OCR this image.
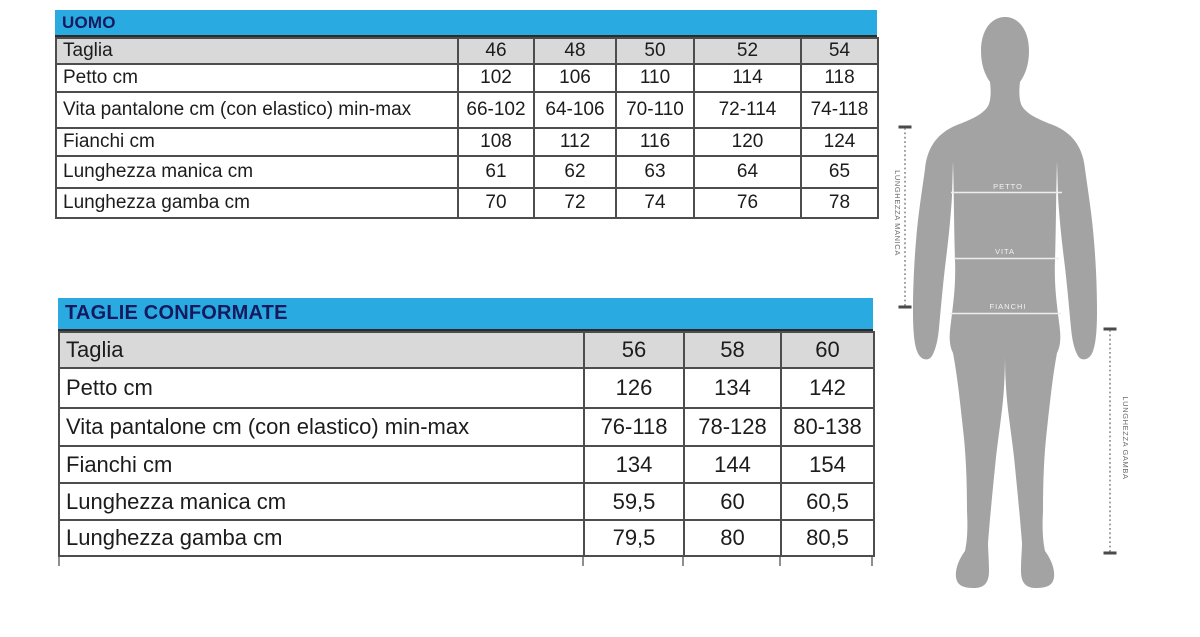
UOMO
Taglia	46	48	50	52	54
Petto cm	102	106	110	114	118
Vita pantalone cm (con elastico) min-max	66-102	64-106	70-110	72-114	74-118
Fianchi cm	108	112	116	120	124
Lunghezza manica cm	61	62	63	64	65
Lunghezza gamba cm	70	72	74	76	78
TAGLIE CONFORMATE
Taglia	56	58	60
Petto cm	126	134	142
Vita pantalone cm (con elastico) min-max	76-118	78-128	80-138
Fianchi cm	134	144	154
Lunghezza manica cm	59,5	60	60,5
Lunghezza gamba cm	79,5	80	80,5
PETTO
VITA
FIANCHI
LUNGHEZZA MANICA
LUNGHEZZA GAMBA
